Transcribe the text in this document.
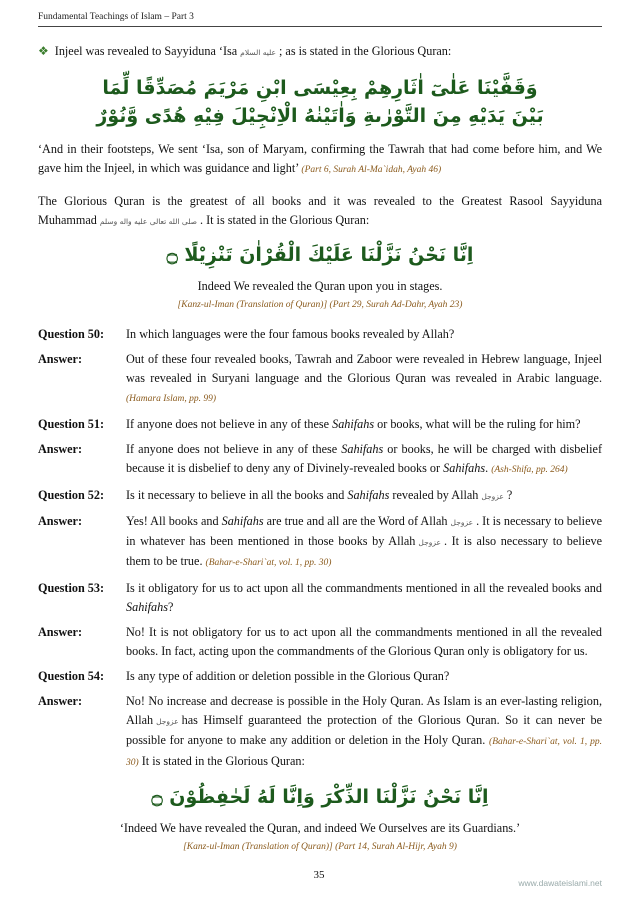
Fundamental Teachings of Islam – Part 3
❖ Injeel was revealed to Sayyiduna ‘Isa عليه السلام ; as is stated in the Glorious Quran:
وَقَفَّيْنَا عَلٰىٓ اٰثَارِهِمْ بِعِيْسَى ابْنِ مَرْيَمَ مُصَدِّقًا لِّمَا
بَيْنَ يَدَيْهِ مِنَ التَّوْرٰىةِ وَاٰتَيْنٰهُ الْاِنْجِيْلَ فِيْهِ هُدًى وَّنُوْرٌ

‘And in their footsteps, We sent ‘Isa, son of Maryam, confirming the Tawrah that had come before him, and We gave him the Injeel, in which was guidance and light’ (Part 6, Surah Al-Ma`idah, Ayah 46)

The Glorious Quran is the greatest of all books and it was revealed to the Greatest Rasool Sayyiduna Muhammad صلى الله تعالى عليه واله وسلم . It is stated in the Glorious Quran:

اِنَّا نَحْنُ نَزَّلْنَا عَلَيْكَ الْقُرْاٰنَ تَنْزِيْلًا ۝
Indeed We revealed the Quran upon you in stages.
[Kanz-ul-Iman (Translation of Quran)] (Part 29, Surah Ad-Dahr, Ayah 23)
Question 50:	In which languages were the four famous books revealed by Allah?
Answer:	Out of these four revealed books, Tawrah and Zaboor were revealed in Hebrew language, Injeel was revealed in Suryani language and the Glorious Quran was revealed in Arabic language. (Hamara Islam, pp. 99)
Question 51:	If anyone does not believe in any of these Sahifahs or books, what will be the ruling for him?
Answer:	If anyone does not believe in any of these Sahifahs or books, he will be charged with disbelief because it is disbelief to deny any of Divinely-revealed books or Sahifahs. (Ash-Shifa, pp. 264)
Question 52:	Is it necessary to believe in all the books and Sahifahs revealed by Allah عزوجل ?
Answer:	Yes! All books and Sahifahs are true and all are the Word of Allah عزوجل . It is necessary to believe in whatever has been mentioned in those books by Allah عزوجل . It is also necessary to believe them to be true. (Bahar-e-Shari`at, vol. 1, pp. 30)
Question 53:	Is it obligatory for us to act upon all the commandments mentioned in all the revealed books and Sahifahs?
Answer:	No! It is not obligatory for us to act upon all the commandments mentioned in all the revealed books. In fact, acting upon the commandments of the Glorious Quran only is obligatory for us.
Question 54:	Is any type of addition or deletion possible in the Glorious Quran?
Answer:	No! No increase and decrease is possible in the Holy Quran. As Islam is an ever-lasting religion, Allah عزوجل has Himself guaranteed the protection of the Glorious Quran. So it can never be possible for anyone to make any addition or deletion in the Holy Quran. (Bahar-e-Shari`at, vol. 1, pp. 30) It is stated in the Glorious Quran:
اِنَّا نَحْنُ نَزَّلْنَا الذِّكْرَ وَاِنَّا لَهُ لَحٰفِظُوْنَ ۝
‘Indeed We have revealed the Quran, and indeed We Ourselves are its Guardians.’
[Kanz-ul-Iman (Translation of Quran)] (Part 14, Surah Al-Hijr, Ayah 9)
35
www.dawateislami.net
